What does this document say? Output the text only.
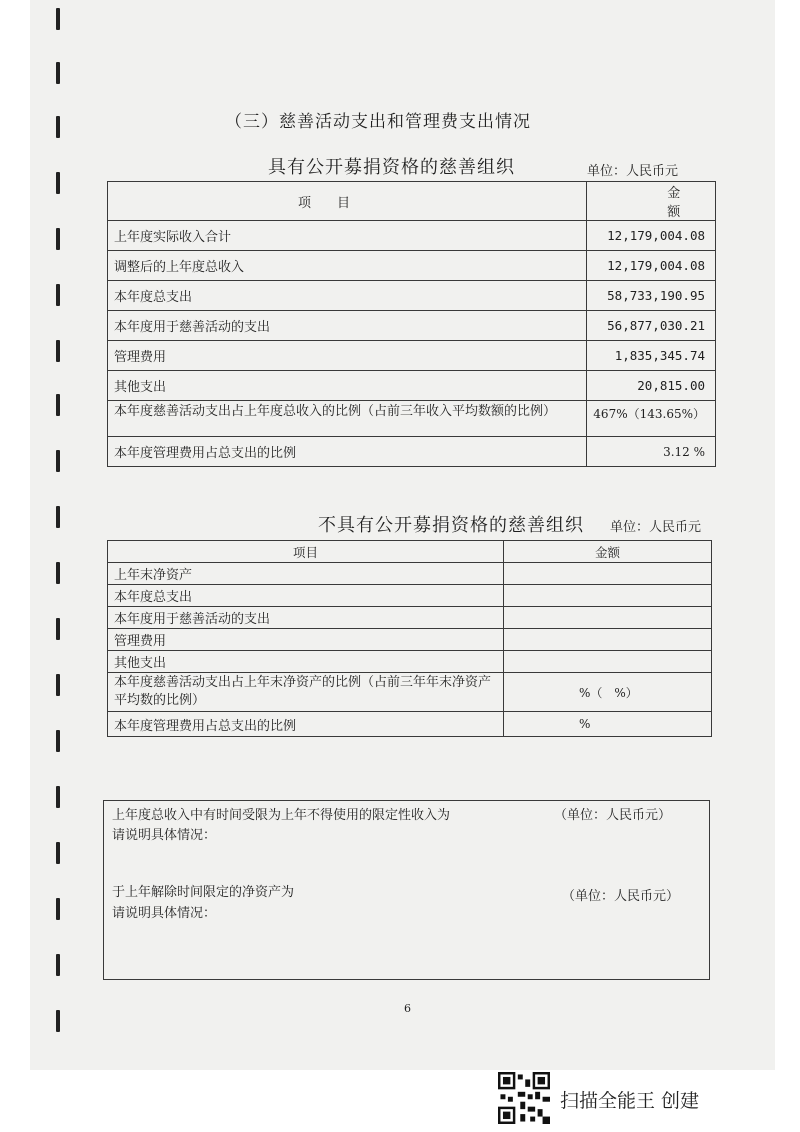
（三）慈善活动支出和管理费支出情况
具有公开募捐资格的慈善组织	单位：人民币元
项　　目	金　　额
上年度实际收入合计	12,179,004.08
调整后的上年度总收入	12,179,004.08
本年度总支出	58,733,190.95
本年度用于慈善活动的支出	56,877,030.21
管理费用	1,835,345.74
其他支出	20,815.00
本年度慈善活动支出占上年度总收入的比例（占前三年收入平均数额的比例）	467%（143.65%）
本年度管理费用占总支出的比例	3.12 %
不具有公开募捐资格的慈善组织 单位：人民币元
项目	金额
上年末净资产	
本年度总支出	
本年度用于慈善活动的支出	
管理费用	
其他支出	
本年度慈善活动支出占上年末净资产的比例（占前三年年末净资产平均数的比例）	%（　%）
本年度管理费用占总支出的比例	%
上年度总收入中有时间受限为上年不得使用的限定性收入为	（单位：人民币元）
请说明具体情况：
于上年解除时间限定的净资产为	（单位：人民币元）
请说明具体情况：
6
扫描全能王 创建
